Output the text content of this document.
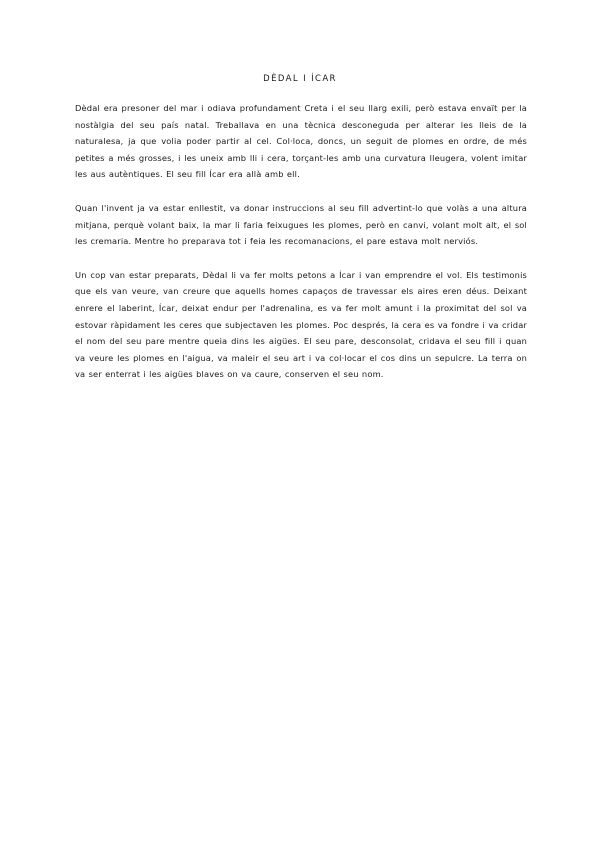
DÈDAL I ÍCAR

Dèdal era presoner del mar i odiava profundament Creta i el seu llarg exili, però estava envaït per la nostàlgia del seu país natal. Treballava en una tècnica desconeguda per alterar les lleis de la naturalesa, ja que volia poder partir al cel. Col·loca, doncs, un seguit de plomes en ordre, de més petites a més grosses, i les uneix amb lli i cera, torçant-les amb una curvatura lleugera, volent imitar les aus autèntiques. El seu fill Ícar era allà amb ell.

Quan l'invent ja va estar enllestit, va donar instruccions al seu fill advertint-lo que volàs a una altura mitjana, perquè volant baix, la mar li faria feixugues les plomes, però en canvi, volant molt alt, el sol les cremaria. Mentre ho preparava tot i feia les recomanacions, el pare estava molt nerviós.

Un cop van estar preparats, Dèdal li va fer molts petons a Ícar i van emprendre el vol. Els testimonis que els van veure, van creure que aquells homes capaços de travessar els aires eren déus. Deixant enrere el laberint, Ícar, deixat endur per l'adrenalina, es va fer molt amunt i la proximitat del sol va estovar ràpidament les ceres que subjectaven les plomes. Poc després, la cera es va fondre i va cridar el nom del seu pare mentre queia dins les aigües. El seu pare, desconsolat, cridava el seu fill i quan va veure les plomes en l'aigua, va maleir el seu art i va col·locar el cos dins un sepulcre. La terra on va ser enterrat i les aigües blaves on va caure, conserven el seu nom.
